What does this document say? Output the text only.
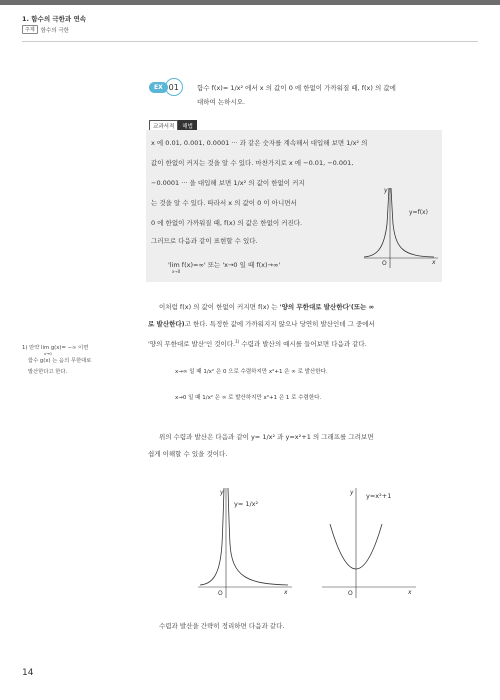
1. 함수의 극한과 연속
주제	함수의 극한
EX 01	함수 f(x)= 1/x² 에서 x 의 값이 0 에 한없이 가까워질 때, f(x) 의 값에
대하여 논하시오.
교과서적	해법
x 에 0.01, 0.001, 0.0001 ··· 과 같은 숫자를 계속해서 대입해 보면 1/x² 의
값이 한없이 커지는 것을 알 수 있다. 마찬가지로 x 에 −0.01, −0.001,
−0.0001 ··· 을 대입해 보면 1/x² 의 값이 한없이 커지
는 것을 알 수 있다. 따라서 x 의 값이 0 이 아니면서
0 에 한없이 가까워질 때, f(x) 의 값은 한없이 커진다.
그러므로 다음과 같이 표현할 수 있다.
'lim f(x)=∞' 또는 'x→0 일 때 f(x)→∞'
x→0
y
x
O
y=f(x)
이처럼 f(x) 의 값이 한없이 커지면 f(x) 는 '양의 무한대로 발산한다'(또는 ∞
로 발산한다)고 한다. 특정한 값에 가까워지지 않으나 당연히 발산인데 그 중에서
'양의 무한대로 발산'인 것이다.$^{1)}$ 수렴과 발산의 예시를 들어보면 다음과 같다.
1) 만약 lim g(x)= −∞ 이면
x→0
함수 g(x) 는 음의 무한대로
발산한다고 한다.	x→∞ 일 때 1/x² 은 0 으로 수렴하지만 x²+1 은 ∞ 로 발산한다.
x→0 일 때 1/x² 은 ∞ 로 발산하지만 x²+1 은 1 로 수렴한다.
위의 수렴과 발산은 다음과 같이 y= 1/x² 과 y=x²+1 의 그래프를 그려보면
쉽게 이해할 수 있을 것이다.
y
x
O
y= 1/x²
y
x
O
y=x²+1
수렴과 발산을 간략히 정리하면 다음과 같다.
14
